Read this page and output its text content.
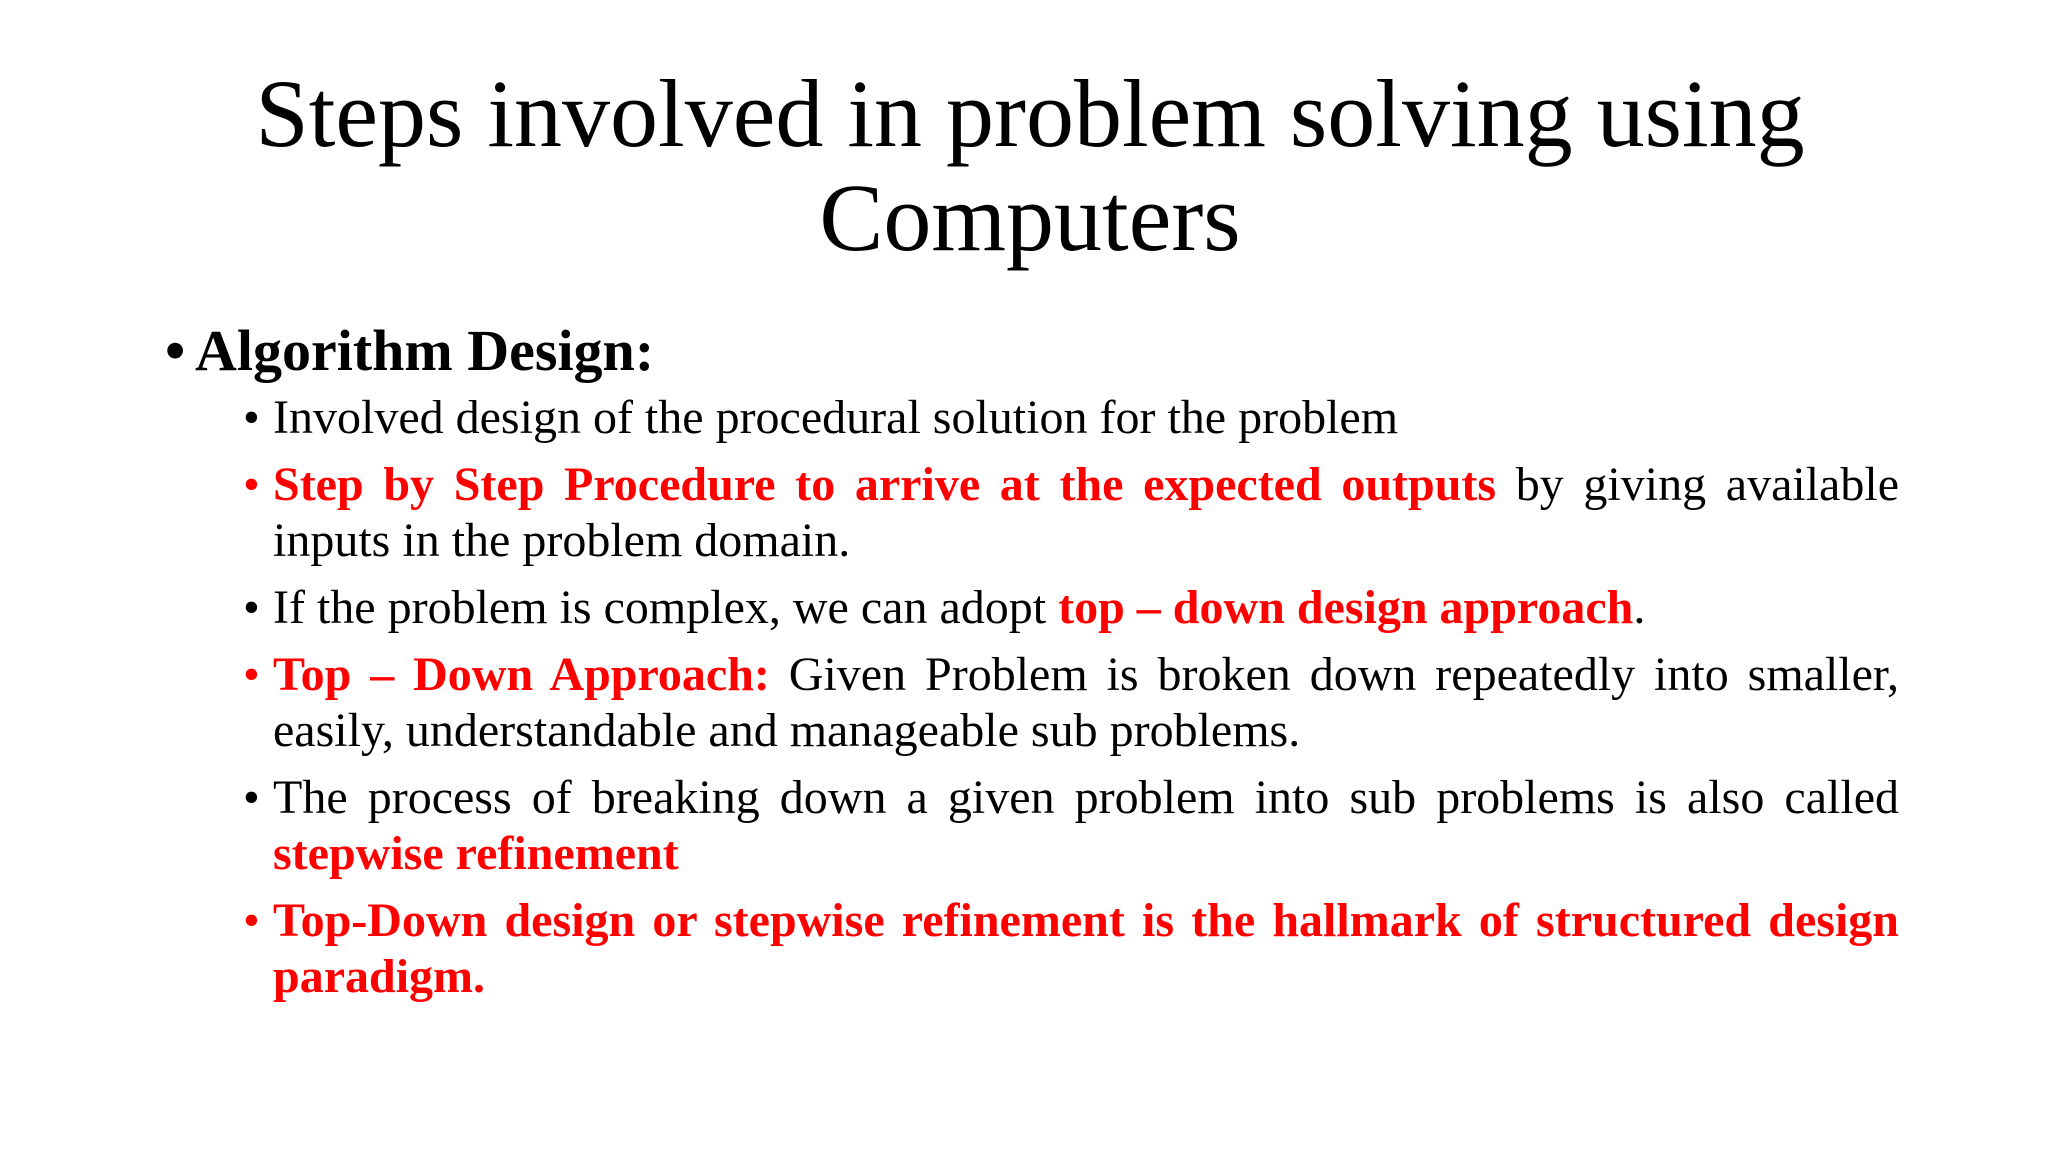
Steps involved in problem solving using
Computers
• Algorithm Design:
• Involved design of the procedural solution for the problem
• Step by Step Procedure to arrive at the expected outputs by giving available inputs in the problem domain.
• If the problem is complex, we can adopt top – down design approach.
• Top – Down Approach: Given Problem is broken down repeatedly into smaller, easily, understandable and manageable sub problems.
• The process of breaking down a given problem into sub problems is also called stepwise refinement
• Top-Down design or stepwise refinement is the hallmark of structured design paradigm.
